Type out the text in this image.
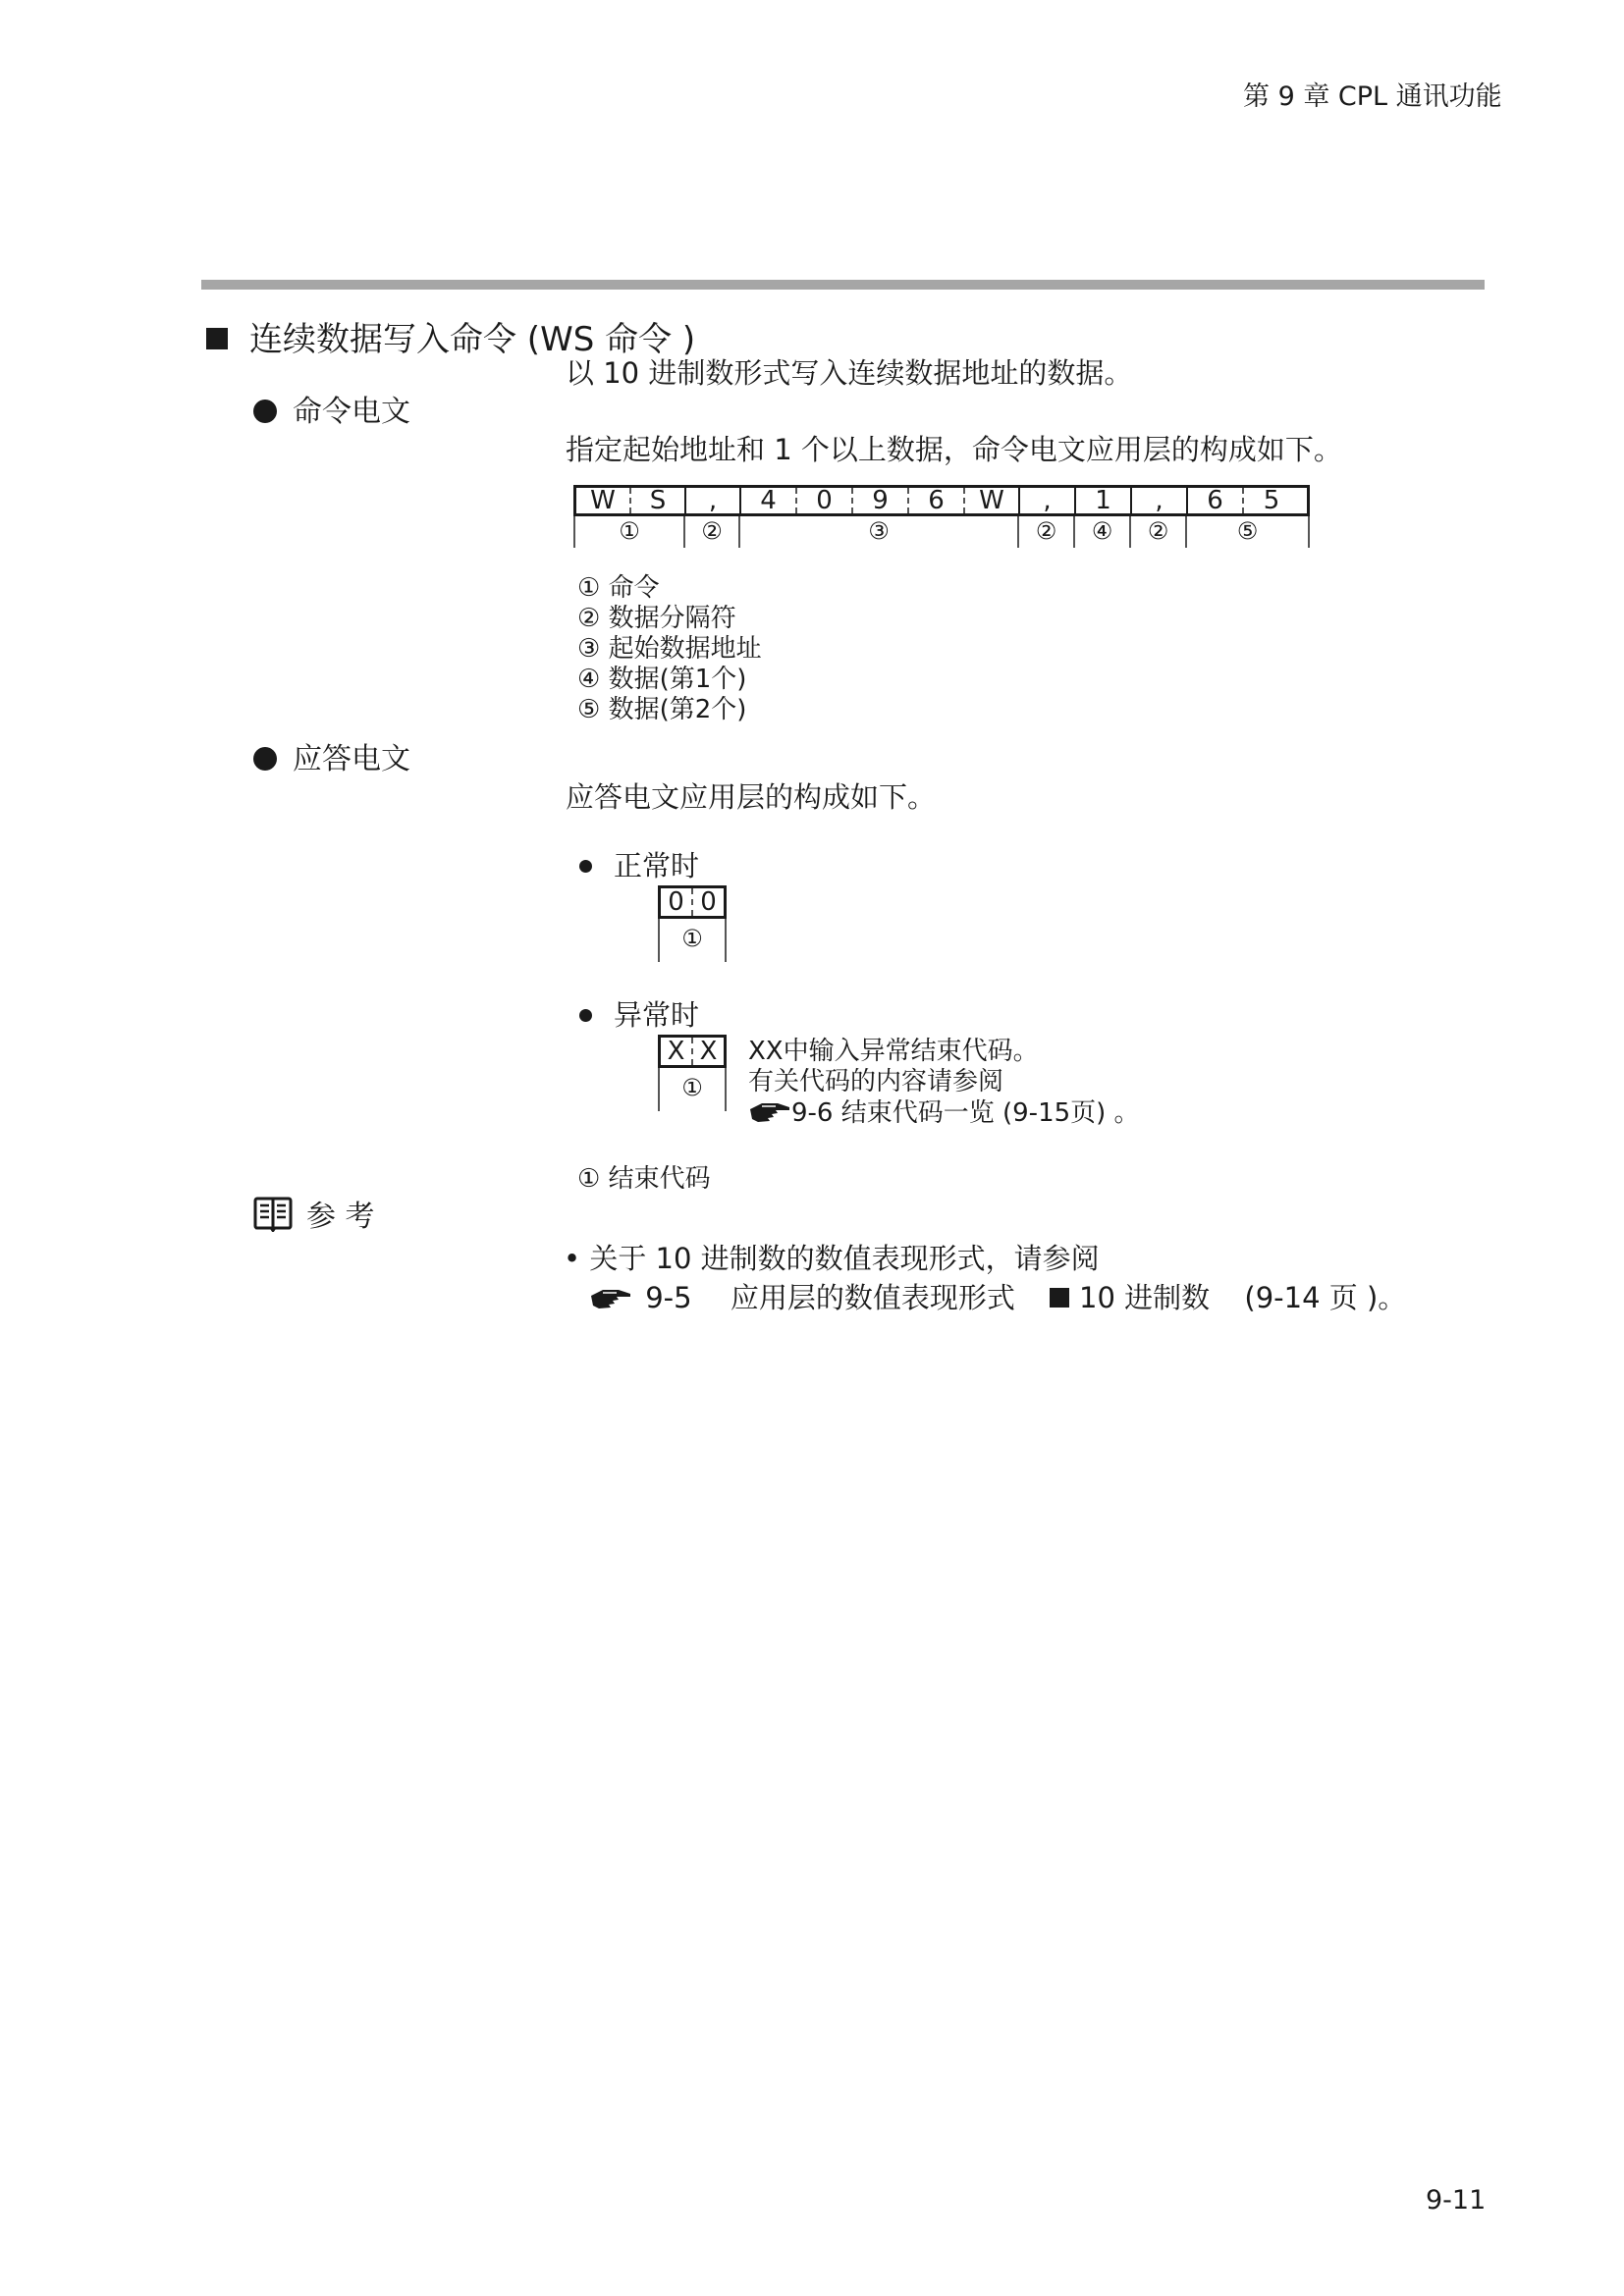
第 9 章 CPL 通讯功能
连续数据写入命令 (WS 命令 )
以 10 进制数形式写入连续数据地址的数据。
命令电文
指定起始地址和 1 个以上数据，命令电文应用层的构成如下。
W	S	,	4	0	9	6	W	,	1	,	6	5
①	②	③	②	④	②	⑤
① 命令
② 数据分隔符
③ 起始数据地址
④ 数据(第1个)
⑤ 数据(第2个)
应答电文
应答电文应用层的构成如下。
正常时
0 0
①
异常时
X X
①
XX中输入异常结束代码。
有关代码的内容请参阅
9-6 结束代码一览 (9-15页) 。
① 结束代码
参 考
• 关于 10 进制数的数值表现形式，请参阅
9-5 应用层的数值表现形式 10 进制数 (9-14 页 )。
9-11
